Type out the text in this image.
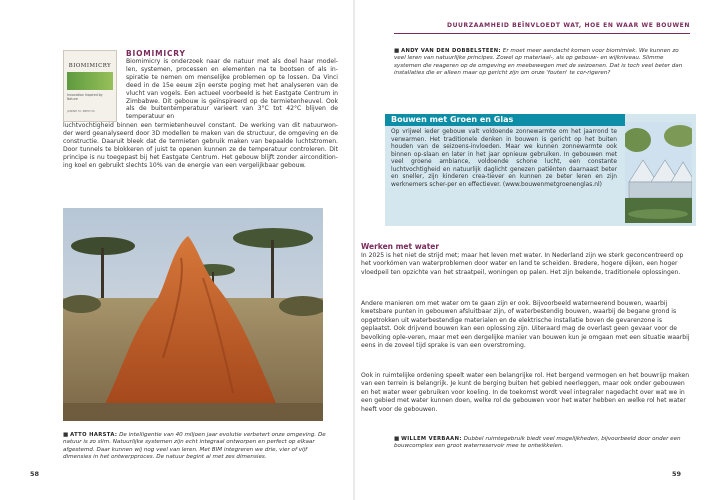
DUURZAAMHEID BEÏNVLOEDT WAT, HOE EN WAAR WE BOUWEN
BIOMIMICRY
Innovation Inspired by Nature
JANINE M. BENYUS
BIOMIMICRY
Biomimicry is onderzoek naar de natuur met als doel haar model-len, systemen, processen en elementen na te bootsen of als in-spiratie te nemen om menselijke problemen op te lossen. Da Vinci deed in de 15e eeuw zijn eerste poging met het analyseren van de vlucht van vogels. Een actueel voorbeeld is het Eastgate Centrum in Zimbabwe. Dit gebouw is geïnspireerd op de termietenheuvel. Ook als de buitentemperatuur varieert van 3°C tot 42°C blijven de temperatuur en
luchtvochtigheid binnen een termietenheuvel constant. De werking van dit natuurwon-der werd geanalyseerd door 3D modellen te maken van de structuur, de omgeving en de constructie. Daaruit bleek dat de termieten gebruik maken van bepaalde luchtstromen. Door tunnels te blokkeren of juist te openen kunnen ze de temperatuur controleren. Dit principe is nu toegepast bij het Eastgate Centrum. Het gebouw blijft zonder aircondition-ing koel en gebruikt slechts 10% van de energie van een vergelijkbaar gebouw.
■ ATTO HARSTA: De intelligentie van 40 miljoen jaar evolutie verbetert onze omgeving. De natuur is zo slim. Natuurlijke systemen zijn echt integraal ontworpen en perfect op elkaar afgestemd. Daar kunnen wij nog veel van leren. Met BIM integreren we drie, vier of vijf dimensies in het ontwerpproces. De natuur begint al met zes dimensies.
58
■ ANDY VAN DEN DOBBELSTEEN: Er moet meer aandacht komen voor biomimiek. We kunnen zo veel leren van natuurlijke principes. Zowel op materiaal-, als op gebouw- en wijkniveau. Slimme systemen die reageren op de omgeving en meebewegen met de seizoenen. Dat is toch veel beter dan installaties die er alleen maar op gericht zijn om onze 'fouten' te cor-rigeren?
Bouwen met Groen en Glas
Op vrijwel ieder gebouw valt voldoende zonnewarmte om het jaarrond te verwarmen. Het traditionele denken in bouwen is gericht op het buiten houden van de seizoens-invloeden. Maar we kunnen zonnewarmte ook binnen op-slaan en later in het jaar opnieuw gebruiken. In gebouwen met veel groene ambiance, voldoende schone lucht, een constante luchtvochtigheid en natuurlijk daglicht genezen patiënten daarnaast beter en sneller, zijn kinderen crea-tiever en kunnen ze beter leren en zijn werknemers scher-per en effectiever. (www.bouwenmetgroenenglas.nl)
Werken met water
In 2025 is het niet de strijd met; maar het leven met water. In Nederland zijn we sterk geconcentreerd op het voorkómen van waterproblemen door water en land te scheiden. Bredere, hogere dijken, een hoger vloedpeil ten opzichte van het straatpeil, woningen op palen. Het zijn bekende, traditionele oplossingen.
Andere manieren om met water om te gaan zijn er ook. Bijvoorbeeld waterneerend bouwen, waarbij kwetsbare punten in gebouwen afsluitbaar zijn, of waterbestendig bouwen, waarbij de begane grond is opgetrokken uit waterbestendige materialen en de elektrische installatie boven de gevarenzone is geplaatst. Ook drijvend bouwen kan een oplossing zijn. Uiteraard mag de overlast geen gevaar voor de bevolking ople-veren, maar met een dergelijke manier van bouwen kun je omgaan met een situatie waarbij eens in de zoveel tijd sprake is van een overstroming.
Ook in ruimtelijke ordening speelt water een belangrijke rol. Het bergend vermogen en het bouwrijp maken van een terrein is belangrijk. Je kunt de berging buiten het gebied neerleggen, maar ook onder gebouwen en het water weer gebruiken voor koeling. In de toekomst wordt veel integraler nagedacht over wat we in een gebied met water kunnen doen, welke rol de gebouwen voor het water hebben en welke rol het water heeft voor de gebouwen.
■ WILLEM VERBAAN: Dubbel ruimtegebruik biedt veel mogelijkheden, bijvoorbeeld door onder een bouwcomplex een groot waterreservoir mee te ontwikkelen.
59
